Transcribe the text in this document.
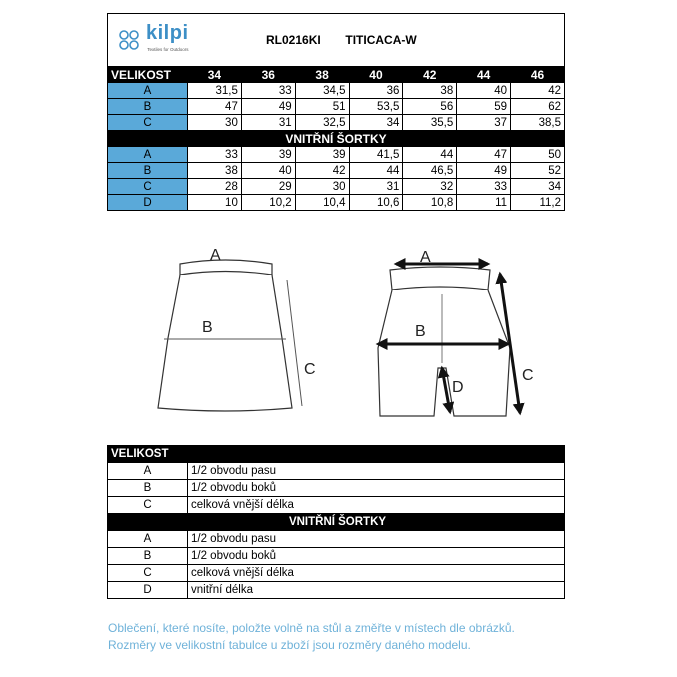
kilpi
Textiles for Outdoors
RL0216KI TITICACA-W							

VELIKOST	34	36	38	40	42	44	46
A	31,5	33	34,5	36	38	40	42
B	47	49	51	53,5	56	59	62
C	30	31	32,5	34	35,5	37	38,5
VNITŘNÍ ŠORTKY							
A	33	39	39	41,5	44	47	50
B	38	40	42	44	46,5	49	52
C	28	29	30	31	32	33	34
D	10	10,2	10,4	10,6	10,8	11	11,2
A
B
C
A
B
D
C
VELIKOST	
A	1/2 obvodu pasu
B	1/2 obvodu boků
C	celková vnější délka
VNITŘNÍ ŠORTKY	
A	1/2 obvodu pasu
B	1/2 obvodu boků
C	celková vnější délka
D	vnitřní délka
Oblečení, které nosíte, položte volně na stůl a změřte v místech dle obrázků.
Rozměry ve velikostní tabulce u zboží jsou rozměry daného modelu.
